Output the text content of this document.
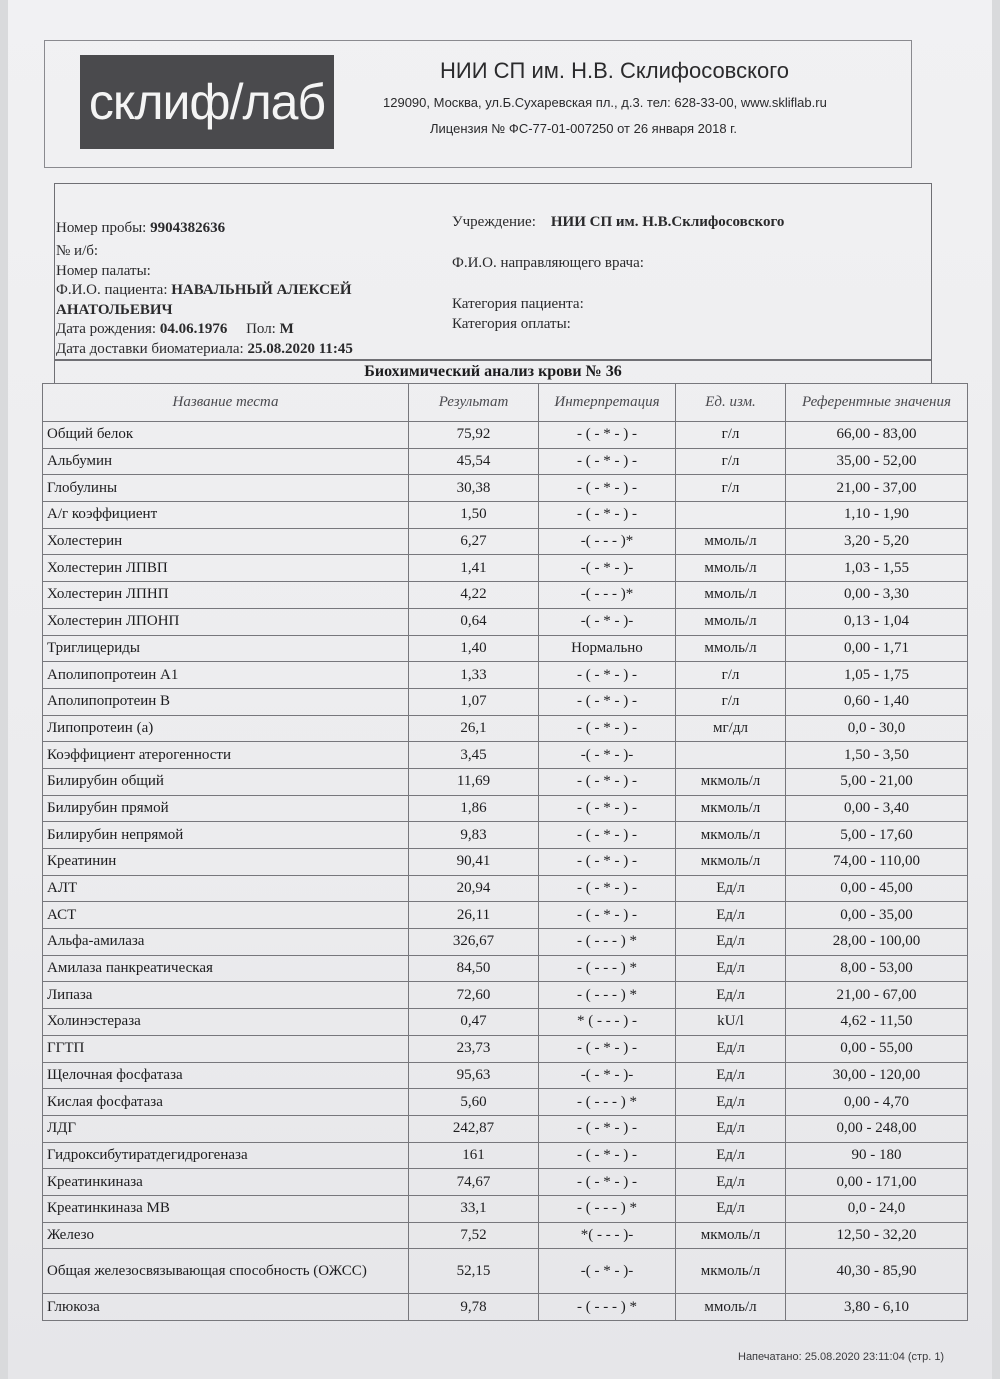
склиф/лаб
НИИ СП им. Н.В. Склифосовского
129090, Москва, ул.Б.Сухаревская пл., д.3. тел: 628-33-00, www.skliflab.ru
Лицензия № ФС-77-01-007250 от 26 января 2018 г.
Номер пробы: 9904382636
№ и/б:
Номер палаты:
Ф.И.О. пациента: НАВАЛЬНЫЙ АЛЕКСЕЙ
АНАТОЛЬЕВИЧ
Дата рождения: 04.06.1976 Пол: М
Дата доставки биоматериала: 25.08.2020 11:45
Учреждение: НИИ СП им. Н.В.Склифосовского
Ф.И.О. направляющего врача:
Категория пациента:
Категория оплаты:
Биохимический анализ крови № 36
Название теста	Результат	Интерпретация	Ед. изм.	Референтные значения
Общий белок	75,92	- ( - * - ) -	г/л	66,00 - 83,00
Альбумин	45,54	- ( - * - ) -	г/л	35,00 - 52,00
Глобулины	30,38	- ( - * - ) -	г/л	21,00 - 37,00
А/г коэффициент	1,50	- ( - * - ) -		1,10 - 1,90
Холестерин	6,27	-( - - - )*	ммоль/л	3,20 - 5,20
Холестерин ЛПВП	1,41	-( - * - )-	ммоль/л	1,03 - 1,55
Холестерин ЛПНП	4,22	-( - - - )*	ммоль/л	0,00 - 3,30
Холестерин ЛПОНП	0,64	-( - * - )-	ммоль/л	0,13 - 1,04
Триглицериды	1,40	Нормально	ммоль/л	0,00 - 1,71
Аполипопротеин А1	1,33	- ( - * - ) -	г/л	1,05 - 1,75
Аполипопротеин В	1,07	- ( - * - ) -	г/л	0,60 - 1,40
Липопротеин (а)	26,1	- ( - * - ) -	мг/дл	0,0 - 30,0
Коэффициент атерогенности	3,45	-( - * - )-		1,50 - 3,50
Билирубин общий	11,69	- ( - * - ) -	мкмоль/л	5,00 - 21,00
Билирубин прямой	1,86	- ( - * - ) -	мкмоль/л	0,00 - 3,40
Билирубин непрямой	9,83	- ( - * - ) -	мкмоль/л	5,00 - 17,60
Креатинин	90,41	- ( - * - ) -	мкмоль/л	74,00 - 110,00
АЛТ	20,94	- ( - * - ) -	Ед/л	0,00 - 45,00
АСТ	26,11	- ( - * - ) -	Ед/л	0,00 - 35,00
Альфа-амилаза	326,67	- ( - - - ) *	Ед/л	28,00 - 100,00
Амилаза панкреатическая	84,50	- ( - - - ) *	Ед/л	8,00 - 53,00
Липаза	72,60	- ( - - - ) *	Ед/л	21,00 - 67,00
Холинэстераза	0,47	* ( - - - ) -	kU/l	4,62 - 11,50
ГГТП	23,73	- ( - * - ) -	Ед/л	0,00 - 55,00
Щелочная фосфатаза	95,63	-( - * - )-	Ед/л	30,00 - 120,00
Кислая фосфатаза	5,60	- ( - - - ) *	Ед/л	0,00 - 4,70
ЛДГ	242,87	- ( - * - ) -	Ед/л	0,00 - 248,00
Гидроксибутиратдегидрогеназа	161	- ( - * - ) -	Ед/л	90 - 180
Креатинкиназа	74,67	- ( - * - ) -	Ед/л	0,00 - 171,00
Креатинкиназа МВ	33,1	- ( - - - ) *	Ед/л	0,0 - 24,0
Железо	7,52	*( - - - )-	мкмоль/л	12,50 - 32,20
Общая железосвязывающая способность (ОЖСС)	52,15	-( - * - )-	мкмоль/л	40,30 - 85,90
Глюкоза	9,78	- ( - - - ) *	ммоль/л	3,80 - 6,10
Напечатано: 25.08.2020 23:11:04 (стр. 1)
